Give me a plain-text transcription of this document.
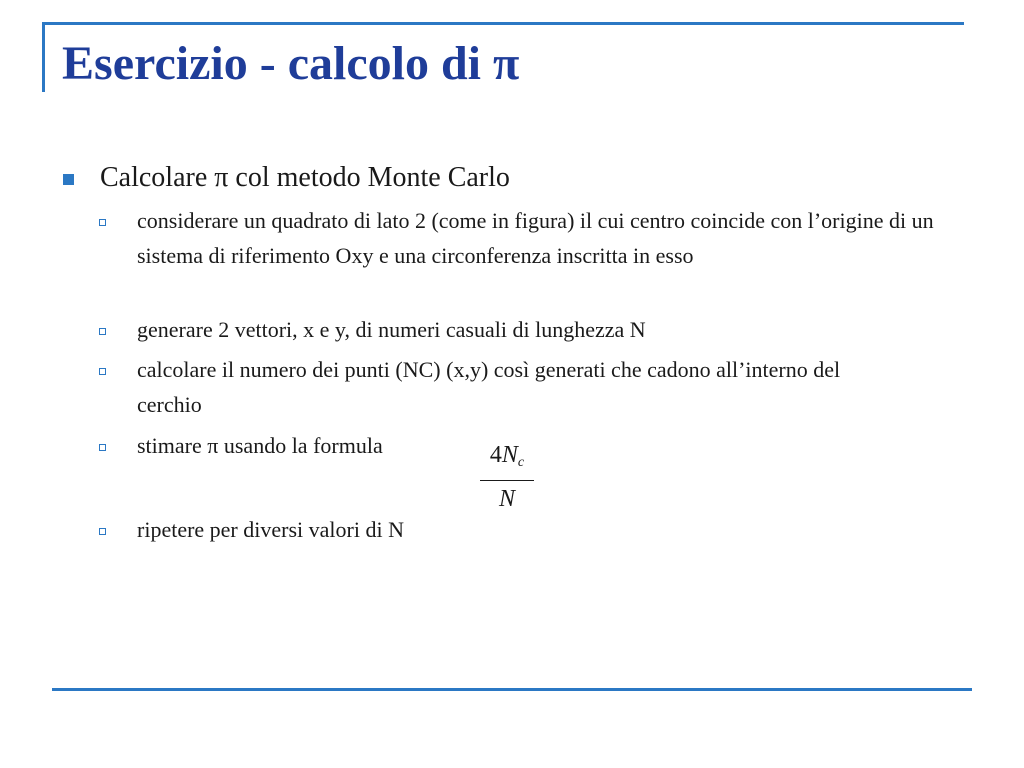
Esercizio - calcolo di π
Calcolare π col metodo Monte Carlo
considerare un quadrato di lato 2 (come in figura) il cui centro coincide con l’origine di un sistema di riferimento Oxy e una circonferenza inscritta in esso
generare 2 vettori, x e y, di numeri casuali di lunghezza N
calcolare il numero dei punti (NC) (x,y) così generati che cadono all’interno del cerchio
stimare π usando la formula	$4N_c$
N
ripetere per diversi valori di N
